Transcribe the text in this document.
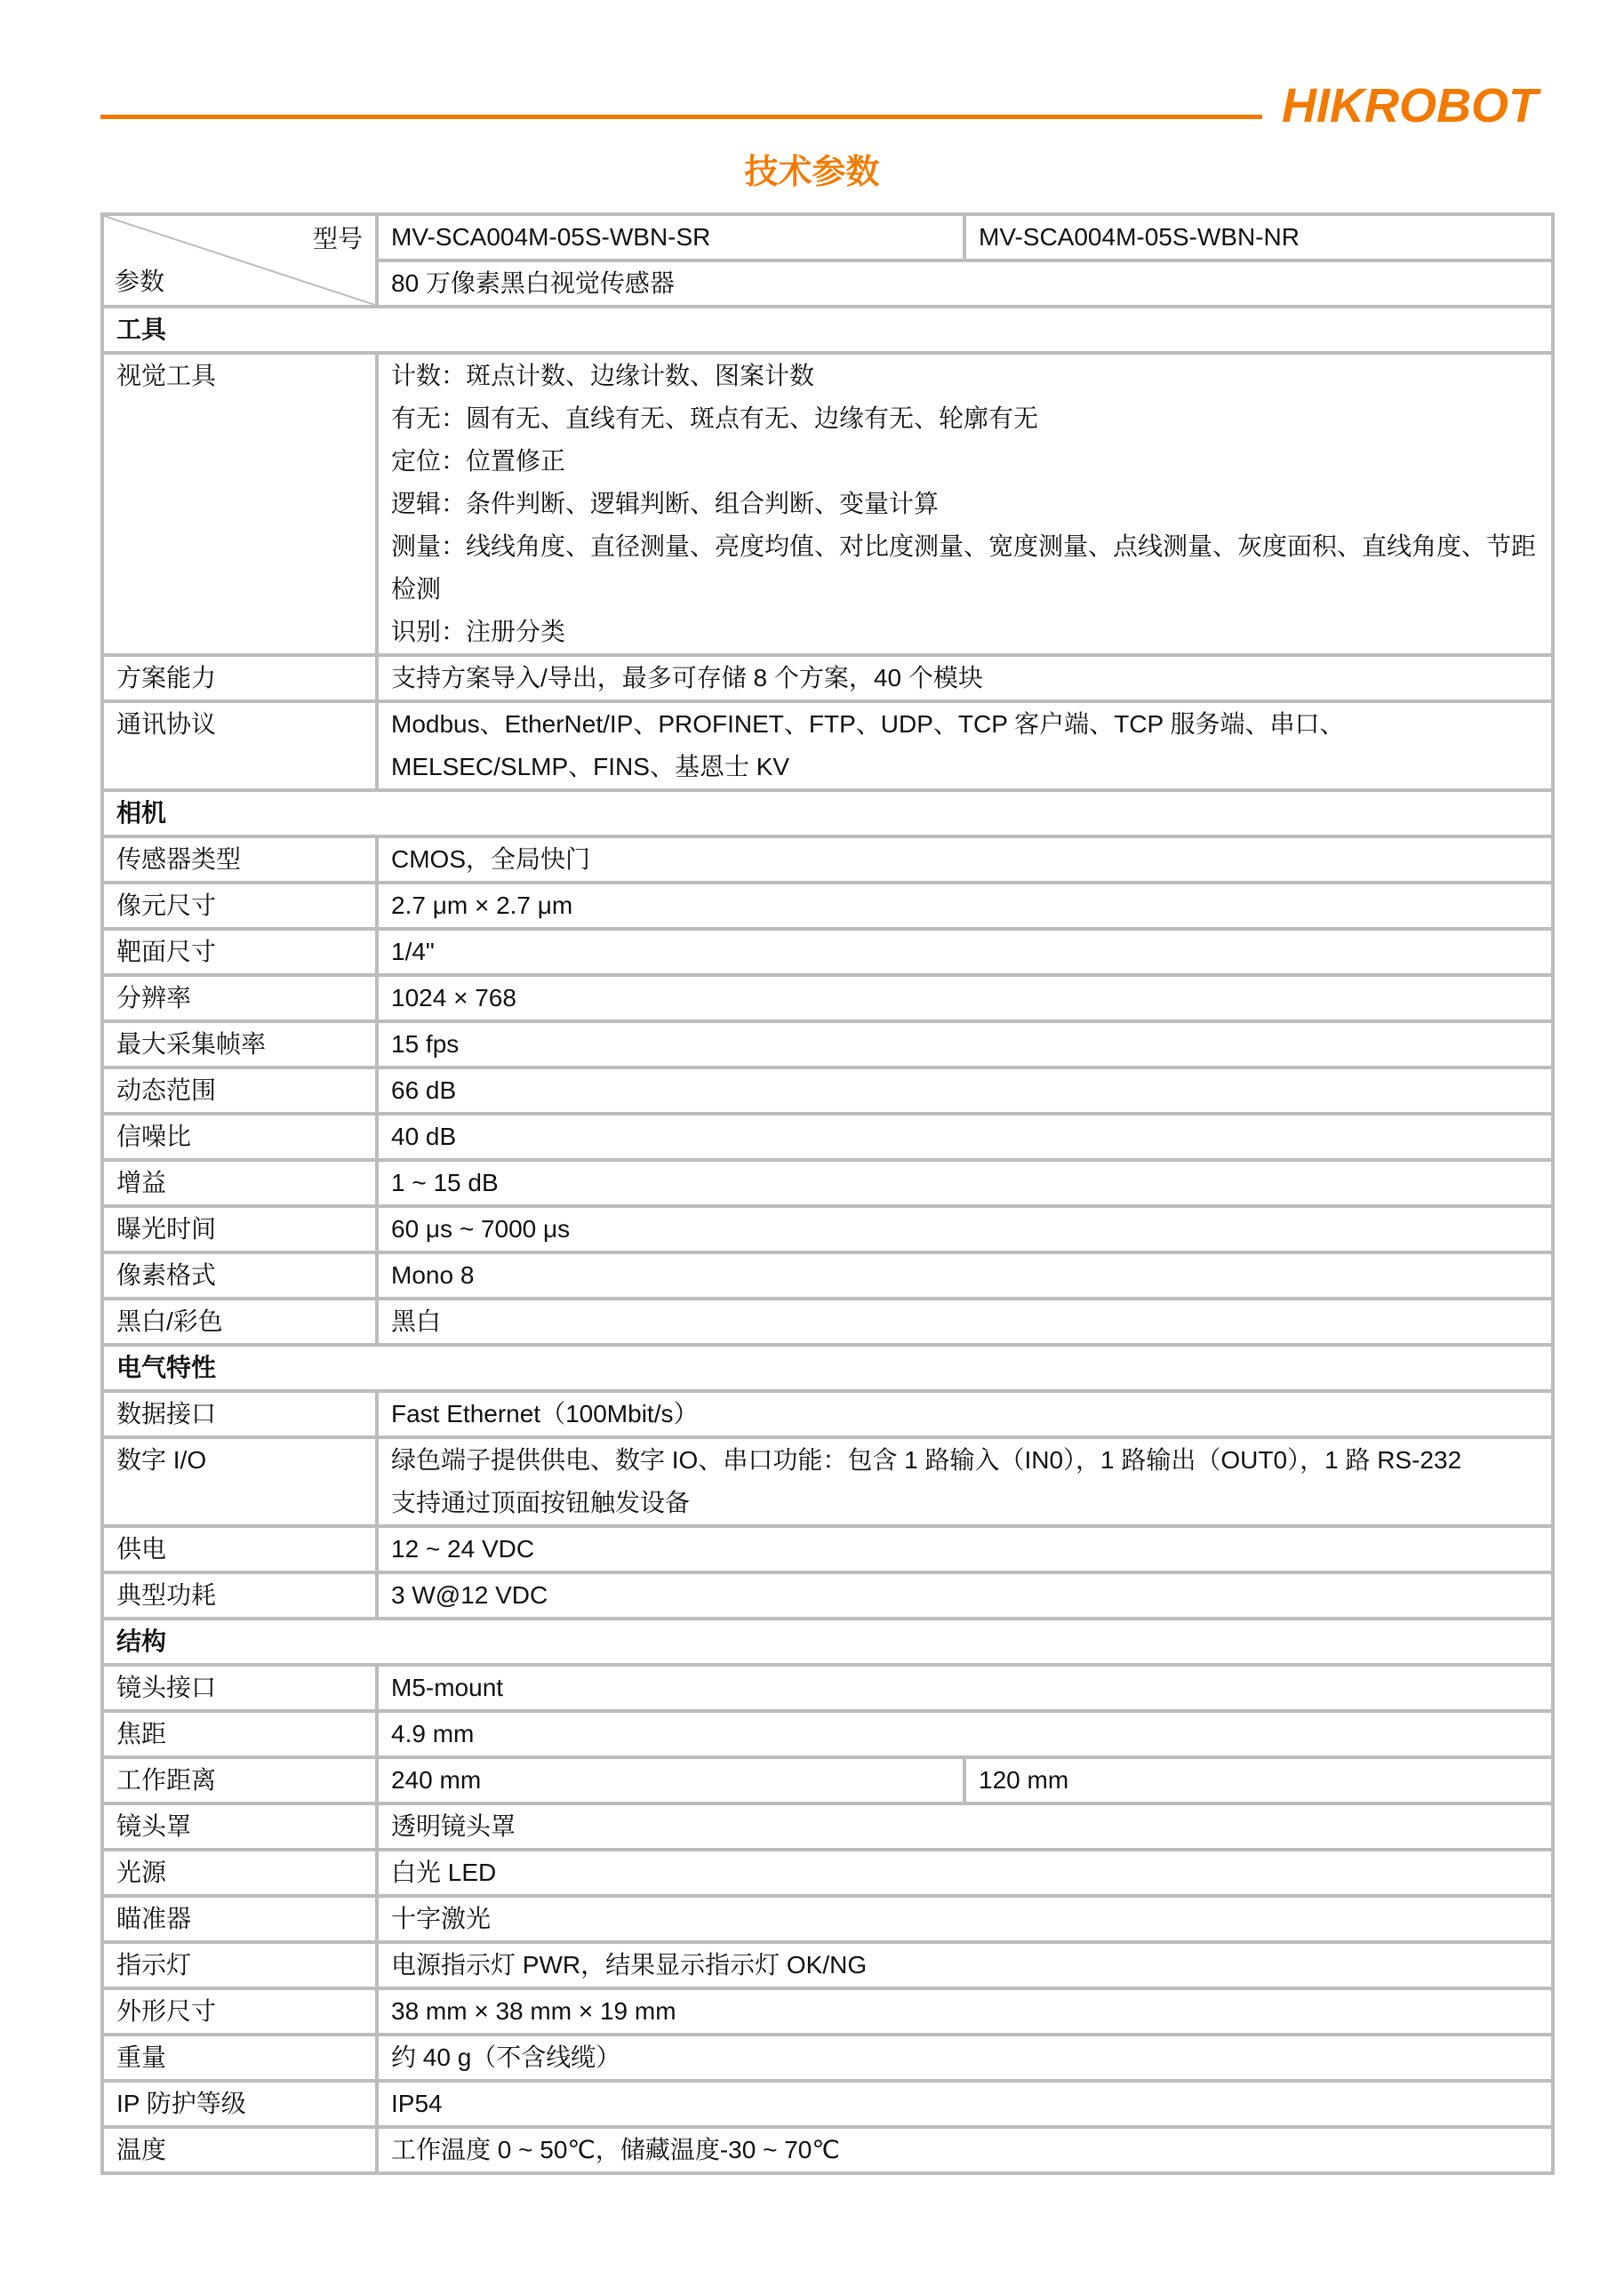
HIKROBOT
技术参数
型号
参数	MV-SCA004M-05S-WBN-SR	MV-SCA004M-05S-WBN-NR
	80 万像素黑白视觉传感器	
工具		
视觉工具	计数：斑点计数、边缘计数、图案计数
有无：圆有无、直线有无、斑点有无、边缘有无、轮廓有无
定位：位置修正
逻辑：条件判断、逻辑判断、组合判断、变量计算
测量：线线角度、直径测量、亮度均值、对比度测量、宽度测量、点线测量、灰度面积、直线角度、节距检测
识别：注册分类

方案能力	支持方案导入/导出，最多可存储 8 个方案，40 个模块	
通讯协议	Modbus、EtherNet/IP、PROFINET、FTP、UDP、TCP 客户端、TCP 服务端、串口、MELSEC/SLMP、FINS、基恩士 KV	
相机		
传感器类型	CMOS，全局快门	
像元尺寸	2.7 μm × 2.7 μm	
靶面尺寸	1/4"	
分辨率	1024 × 768	
最大采集帧率	15 fps	
动态范围	66 dB	
信噪比	40 dB	
增益	1 ~ 15 dB	
曝光时间	60 μs ~ 7000 μs	
像素格式	Mono 8	
黑白/彩色	黑白	
电气特性		
数据接口	Fast Ethernet（100Mbit/s）	
数字 I/O	绿色端子提供供电、数字 IO、串口功能：包含 1 路输入（IN0），1 路输出（OUT0），1 路 RS-232
支持通过顶面按钮触发设备	

供电	12 ~ 24 VDC	
典型功耗	3 W@12 VDC	
结构		
镜头接口	M5-mount	
焦距	4.9 mm	
工作距离	240 mm	120 mm
镜头罩	透明镜头罩	
光源	白光 LED	
瞄准器	十字激光	
指示灯	电源指示灯 PWR，结果显示指示灯 OK/NG	
外形尺寸	38 mm × 38 mm × 19 mm	
重量	约 40 g（不含线缆）	
IP 防护等级	IP54	
温度	工作温度 0 ~ 50℃，储藏温度-30 ~ 70℃	
